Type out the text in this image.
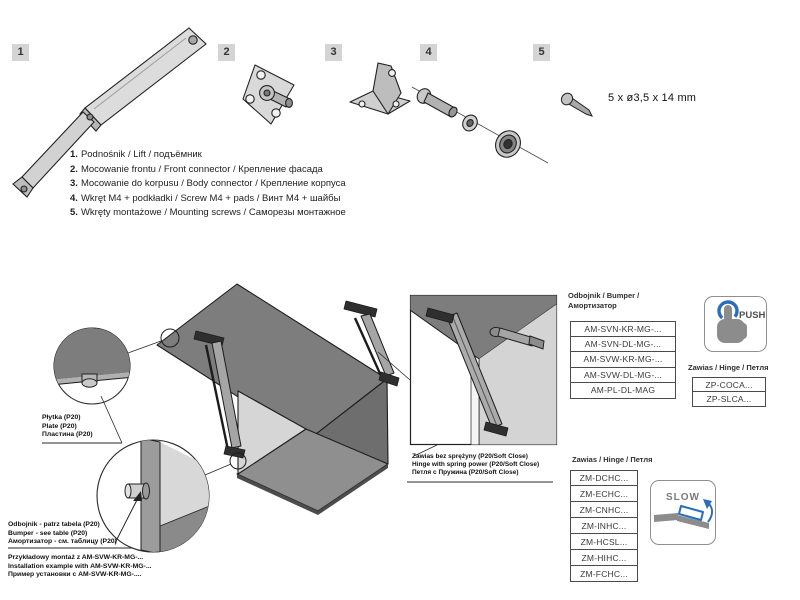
1	2	3	4	5
5 x ø3,5 x 14 mm
1. Podnośnik / Lift / подъёмник
2. Mocowanie frontu / Front connector / Крепление фасада
3. Mocowanie do korpusu / Body connector / Крепление корпуса
4. Wkręt M4 + podkładki / Screw M4 + pads / Винт M4 + шайбы
5. Wkręty montażowe / Mounting screws / Саморезы монтажное
Płytka (P20)
Plate (P20)
Пластина (P20)
Odbojnik - patrz tabela (P20)
Bumper - see table (P20)
Амортизатор - см. таблицу (P20)
Przykładowy montaż z AM-SVW-KR-MG-...
Installation example with AM-SVW-KR-MG-...
Пример установки с AM-SVW-KR-MG-....
Zawias bez sprężyny (P20/Soft Close)
Hinge with spring power (P20/Soft Close)
Петля с Пружина (P20/Soft Close)
Odbojnik / Bumper / Амортизатор
AM-SVN-KR-MG-...
AM-SVN-DL-MG-...
AM-SVW-KR-MG-...
AM-SVW-DL-MG-...
AM-PL-DL-MAG
PUSH
Zawias / Hinge / Петля
ZP-COCA...
ZP-SLCA...
Zawias / Hinge / Петля
ZM-DCHC...
ZM-ECHC...
ZM-CNHC...
ZM-INHC...
ZM-HCSL...
ZM-HIHC...
ZM-FCHC...
SLOW
